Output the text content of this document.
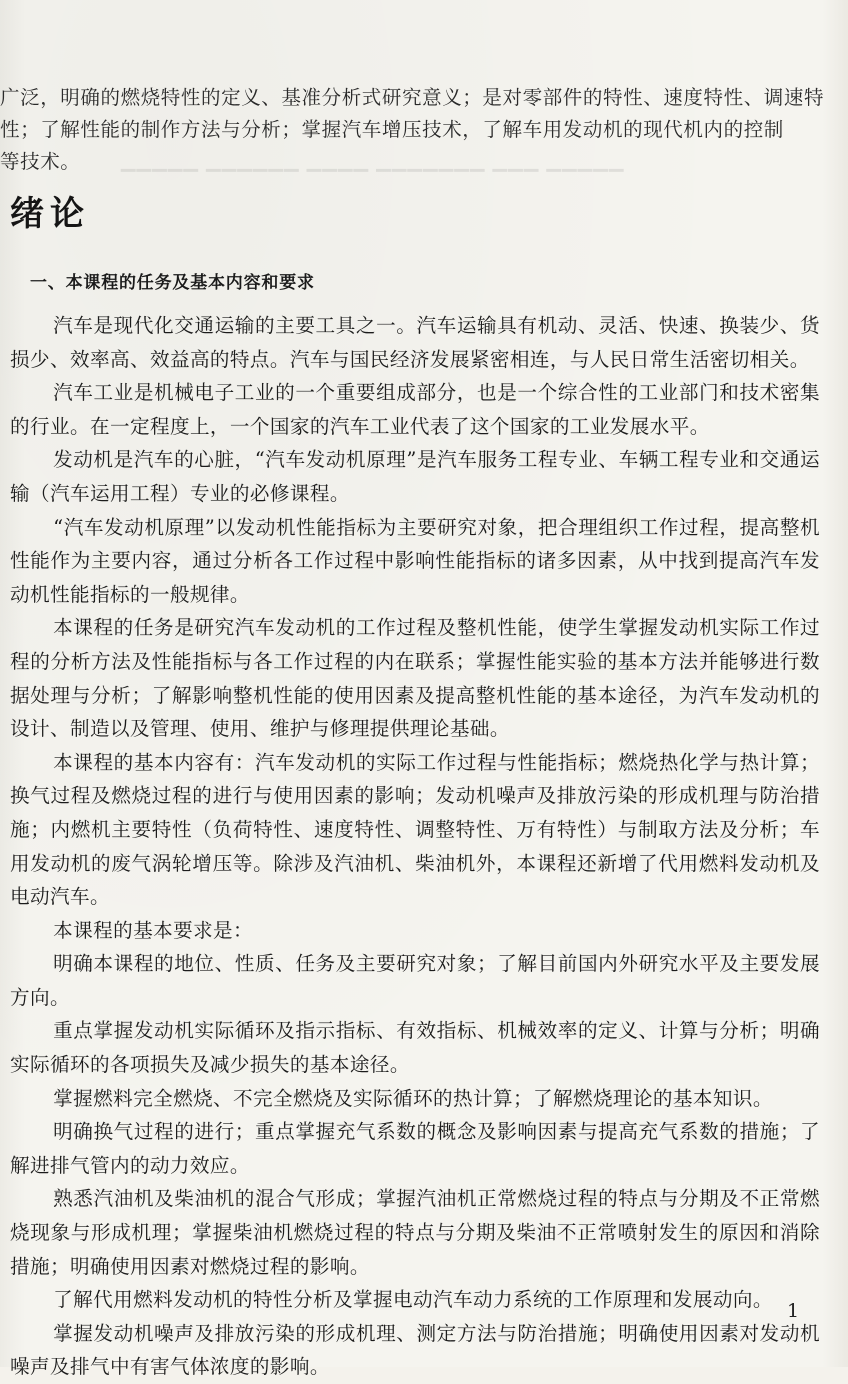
▁▁▁▁▁ ▁▁▁ ▁▁▁▁▁▁▁ ▁▁▁▁ ▁▁▁▁▁▁ ▁▁▁▁▁
广泛，明确的燃烧特性的定义、基准分析式研究意义；是对零部件的特性、速度特性、调速特
性；了解性能的制作方法与分析；掌握汽车增压技术，了解车用发动机的现代机内的控制
等技术。
绪论
一、本课程的任务及基本内容和要求

汽车是现代化交通运输的主要工具之一。汽车运输具有机动、灵活、快速、换装少、货损少、效率高、效益高的特点。汽车与国民经济发展紧密相连，与人民日常生活密切相关。

汽车工业是机械电子工业的一个重要组成部分，也是一个综合性的工业部门和技术密集的行业。在一定程度上，一个国家的汽车工业代表了这个国家的工业发展水平。

发动机是汽车的心脏，“汽车发动机原理”是汽车服务工程专业、车辆工程专业和交通运输（汽车运用工程）专业的必修课程。

“汽车发动机原理”以发动机性能指标为主要研究对象，把合理组织工作过程，提高整机性能作为主要内容，通过分析各工作过程中影响性能指标的诸多因素，从中找到提高汽车发动机性能指标的一般规律。

本课程的任务是研究汽车发动机的工作过程及整机性能，使学生掌握发动机实际工作过程的分析方法及性能指标与各工作过程的内在联系；掌握性能实验的基本方法并能够进行数据处理与分析；了解影响整机性能的使用因素及提高整机性能的基本途径，为汽车发动机的设计、制造以及管理、使用、维护与修理提供理论基础。

本课程的基本内容有：汽车发动机的实际工作过程与性能指标；燃烧热化学与热计算；换气过程及燃烧过程的进行与使用因素的影响；发动机噪声及排放污染的形成机理与防治措施；内燃机主要特性（负荷特性、速度特性、调整特性、万有特性）与制取方法及分析；车用发动机的废气涡轮增压等。除涉及汽油机、柴油机外，本课程还新增了代用燃料发动机及电动汽车。

本课程的基本要求是：

明确本课程的地位、性质、任务及主要研究对象；了解目前国内外研究水平及主要发展方向。

重点掌握发动机实际循环及指示指标、有效指标、机械效率的定义、计算与分析；明确实际循环的各项损失及减少损失的基本途径。

掌握燃料完全燃烧、不完全燃烧及实际循环的热计算；了解燃烧理论的基本知识。

明确换气过程的进行；重点掌握充气系数的概念及影响因素与提高充气系数的措施；了解进排气管内的动力效应。

熟悉汽油机及柴油机的混合气形成；掌握汽油机正常燃烧过程的特点与分期及不正常燃烧现象与形成机理；掌握柴油机燃烧过程的特点与分期及柴油不正常喷射发生的原因和消除措施；明确使用因素对燃烧过程的影响。

了解代用燃料发动机的特性分析及掌握电动汽车动力系统的工作原理和发展动向。

掌握发动机噪声及排放污染的形成机理、测定方法与防治措施；明确使用因素对发动机噪声及排气中有害气体浓度的影响。

1
